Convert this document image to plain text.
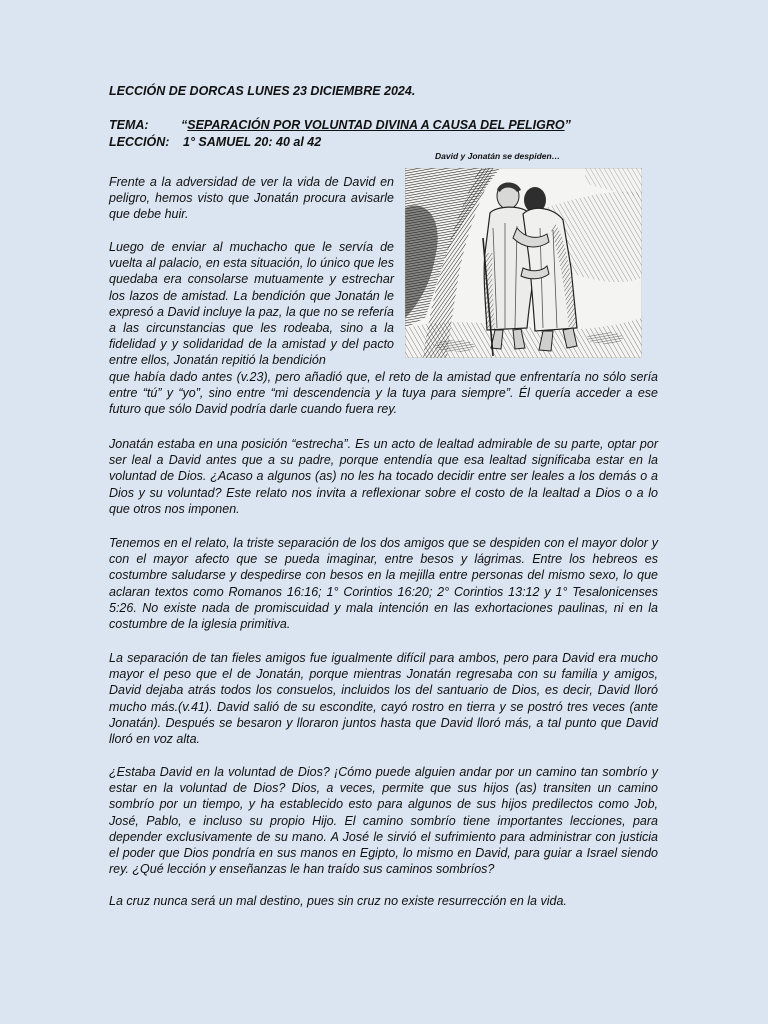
LECCIÓN DE DORCAS LUNES 23 DICIEMBRE 2024.
TEMA:	“SEPARACIÓN POR VOLUNTAD DIVINA A CAUSA DEL PELIGRO”
LECCIÓN: 1° SAMUEL 20: 40 al 42
David y Jonatán se despiden…

Frente a la adversidad de ver la vida de David en peligro, hemos visto que Jonatán procura avisarle que debe huir.

Luego de enviar al muchacho que le servía de vuelta al palacio, en esta situación, lo único que les quedaba era consolarse mutuamente y estrechar los lazos de amistad. La bendición que Jonatán le expresó a David incluye la paz, la que no se refería a las circunstancias que les rodeaba, sino a la fidelidad y y solidaridad de la amistad y del pacto entre ellos, Jonatán repitió la bendición

que había dado antes (v.23), pero añadió que, el reto de la amistad que enfrentaría no sólo sería entre “tú” y “yo”, sino entre “mi descendencia y la tuya para siempre”. Él quería acceder a ese futuro que sólo David podría darle cuando fuera rey.

Jonatán estaba en una posición “estrecha”. Es un acto de lealtad admirable de su parte, optar por ser leal a David antes que a su padre, porque entendía que esa lealtad significaba estar en la voluntad de Dios. ¿Acaso a algunos (as) no les ha tocado decidir entre ser leales a los demás o a Dios y su voluntad? Este relato nos invita a reflexionar sobre el costo de la lealtad a Dios o a lo que otros nos imponen.

Tenemos en el relato, la triste separación de los dos amigos que se despiden con el mayor dolor y con el mayor afecto que se pueda imaginar, entre besos y lágrimas. Entre los hebreos es costumbre saludarse y despedirse con besos en la mejilla entre personas del mismo sexo, lo que aclaran textos como Romanos 16:16; 1° Corintios 16:20; 2° Corintios 13:12 y 1° Tesalonicenses 5:26. No existe nada de promiscuidad y mala intención en las exhortaciones paulinas, ni en la costumbre de la iglesia primitiva.

La separación de tan fieles amigos fue igualmente difícil para ambos, pero para David era mucho mayor el peso que el de Jonatán, porque mientras Jonatán regresaba con su familia y amigos, David dejaba atrás todos los consuelos, incluidos los del santuario de Dios, es decir, David lloró mucho más.(v.41). David salió de su escondite, cayó rostro en tierra y se postró tres veces (ante Jonatán). Después se besaron y lloraron juntos hasta que David lloró más, a tal punto que David lloró en voz alta.

¿Estaba David en la voluntad de Dios? ¡Cómo puede alguien andar por un camino tan sombrío y estar en la voluntad de Dios? Dios, a veces, permite que sus hijos (as) transiten un camino sombrío por un tiempo, y ha establecido esto para algunos de sus hijos predilectos como Job, José, Pablo, e incluso su propio Hijo. El camino sombrío tiene importantes lecciones, para depender exclusivamente de su mano. A José le sirvió el sufrimiento para administrar con justicia el poder que Dios pondría en sus manos en Egipto, lo mismo en David, para guiar a Israel siendo rey. ¿Qué lección y enseñanzas le han traído sus caminos sombríos?

La cruz nunca será un mal destino, pues sin cruz no existe resurrección en la vida.
